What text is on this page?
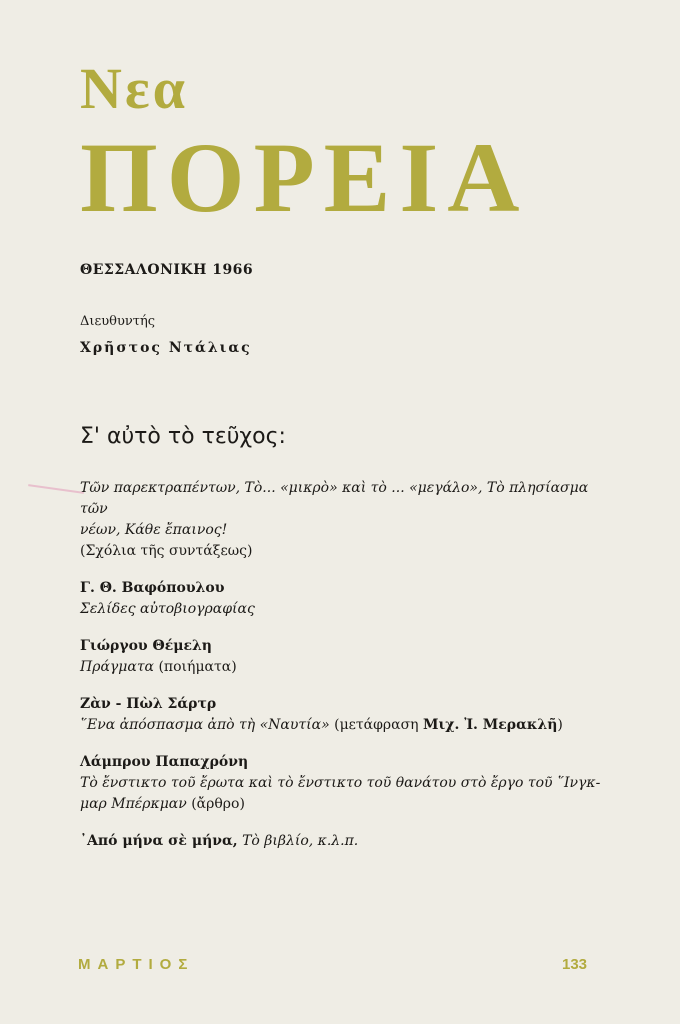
Νεα
ΠΟΡΕΙΑ
ΘΕΣΣΑΛΟΝΙΚΗ 1966
Διευθυντής
Χρῆστος Ντάλιας
Σ' αὐτὸ τὸ τεῦχος:
Τῶν παρεκτραπέντων, Τὸ... «μικρὸ» καὶ τὸ ... «μεγάλο», Τὸ πλησίασμα τῶν
νέων, Κάθε ἔπαινος!
(Σχόλια τῆς συντάξεως)
Γ. Θ. Βαφόπουλου
Σελίδες αὐτοβιογραφίας
Γιώργου Θέμελη
Πράγματα (ποιήματα)
Ζὰν - Πὼλ Σάρτρ
῞Ενα ἀπόσπασμα ἀπὸ τὴ «Ναυτία» (μετάφραση Μιχ. Ἰ. Μερακλῆ)
Λάμπρου Παπαχρόνη
Τὸ ἔνστικτο τοῦ ἔρωτα καὶ τὸ ἔνστικτο τοῦ θανάτου στὸ ἔργο τοῦ ῞Ινγκ-
μαρ Μπέρκμαν (ἄρθρο)
᾿Από μήνα σὲ μήνα, Τὸ βιβλίο, κ.λ.π.
ΜΑΡΤΙΟΣ	133
